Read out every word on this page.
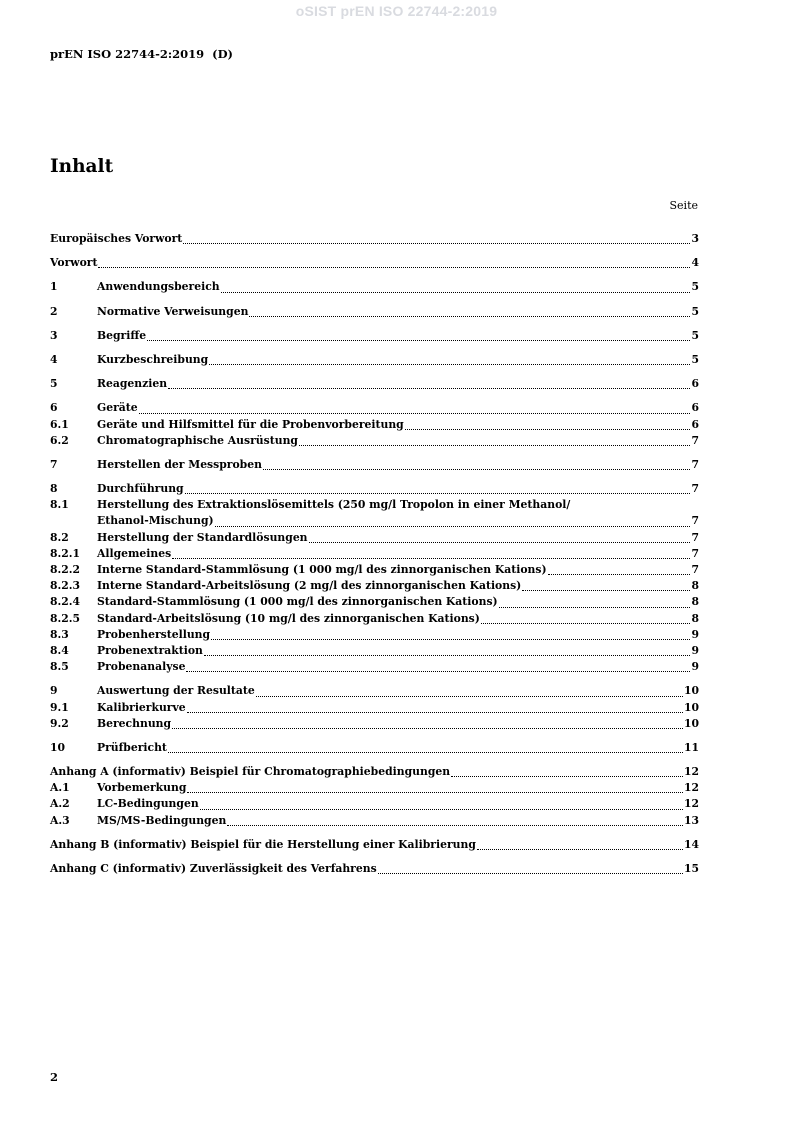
oSIST prEN ISO 22744-2:2019
prEN ISO 22744-2:2019  (D)
Inhalt
Seite
Europäisches Vorwort	3
Vorwort	4
1	Anwendungsbereich	5
2	Normative Verweisungen	5
3	Begriffe	5
4	Kurzbeschreibung	5
5	Reagenzien	6
6	Geräte	6
6.1	Geräte und Hilfsmittel für die Probenvorbereitung	6
6.2	Chromatographische Ausrüstung	7
7	Herstellen der Messproben	7
8	Durchführung	7
8.1	Herstellung des Extraktionslösemittels (250 mg/l Tropolon in einer Methanol/
Ethanol-Mischung)	7
8.2	Herstellung der Standardlösungen	7
8.2.1	Allgemeines	7
8.2.2	Interne Standard-Stammlösung (1 000 mg/l des zinnorganischen Kations)	7
8.2.3	Interne Standard-Arbeitslösung (2 mg/l des zinnorganischen Kations)	8
8.2.4	Standard-Stammlösung (1 000 mg/l des zinnorganischen Kations)	8
8.2.5	Standard-Arbeitslösung (10 mg/l des zinnorganischen Kations)	8
8.3	Probenherstellung	9
8.4	Probenextraktion	9
8.5	Probenanalyse	9
9	Auswertung der Resultate	10
9.1	Kalibrierkurve	10
9.2	Berechnung	10
10	Prüfbericht	11
Anhang A (informativ) Beispiel für Chromatographiebedingungen	12
A.1	Vorbemerkung	12
A.2	LC-Bedingungen	12
A.3	MS/MS-Bedingungen	13
Anhang B (informativ) Beispiel für die Herstellung einer Kalibrierung	14
Anhang C (informativ) Zuverlässigkeit des Verfahrens	15
2
